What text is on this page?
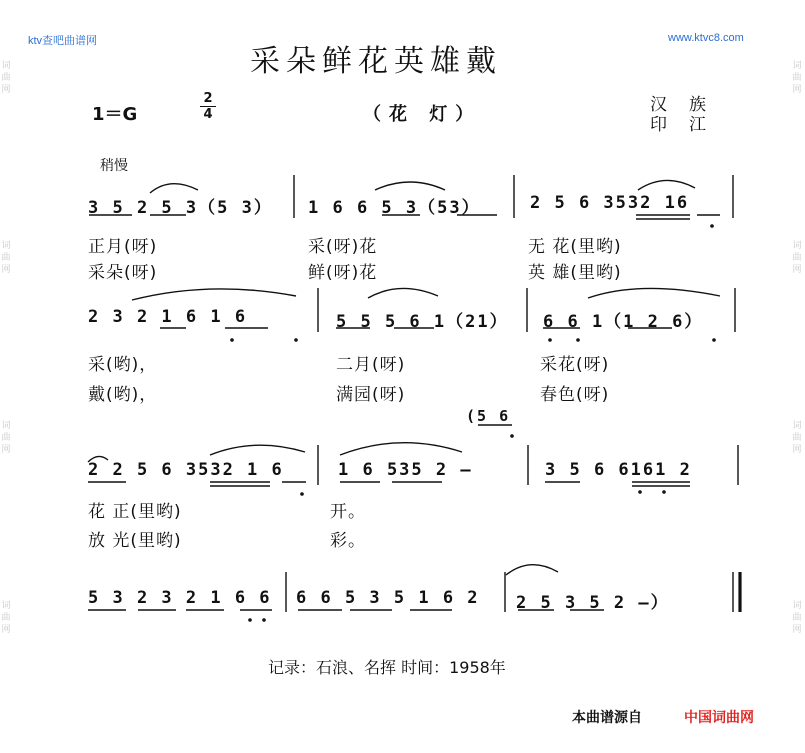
ktv查吧曲谱网	www.ktvc8.com
词
曲
网
词
曲
网
词
曲
网
词
曲
网
词
曲
网
词
曲
网
词
曲
网
词
曲
网
采朵鲜花英雄戴
1＝G
2
4	（花 灯）	汉族
印江
稍慢
3 5 2 5 3（5 3） 1 6 6 5 3（53）	2 5 6 3532 16
正月(呀)	采(呀)花	无 花(里哟)
采朵(呀)	鲜(呀)花	英 雄(里哟)
2 3 2 1 6 1 6	5 5 5 6 1（21） 6 6 1（1 2 6）
采(哟)，	二月(呀)	采花(呀)
戴(哟)，	满园(呀)	春色(呀)
(5 6
2 2 5 6 3532 1 6	1 6 535 2 –	3 5 6 6161 2
花 正(里哟)	开。
放 光(里哟)	彩。
5 3 2 3 2 1 6 6 6 6 5 3 5 1 6 2 2 5 3 5 2 –）
记录：石浪、名挥 时间：1958年
本曲谱源自	中国词曲网
